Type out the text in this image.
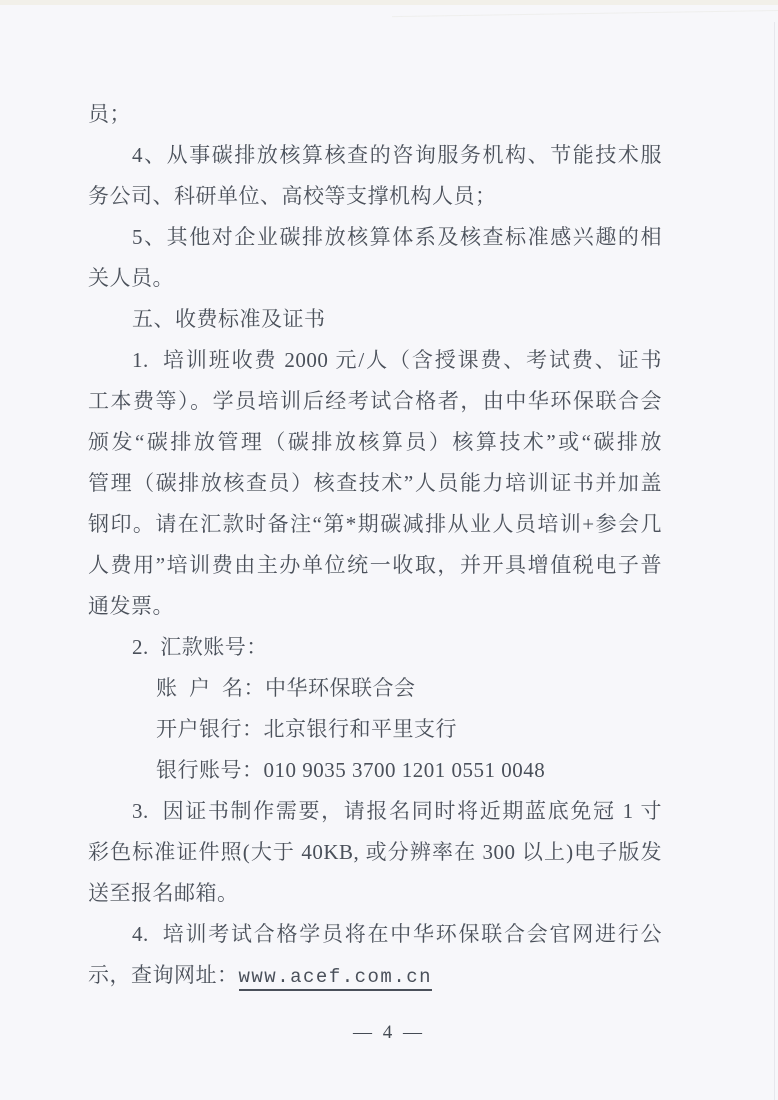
员；
4、从事碳排放核算核查的咨询服务机构、节能技术服
务公司、科研单位、高校等支撑机构人员；
5、其他对企业碳排放核算体系及核查标准感兴趣的相
关人员。
五、收费标准及证书
1.  培训班收费 2000 元/人（含授课费、考试费、证书
工本费等）。学员培训后经考试合格者，由中华环保联合会
颁发“碳排放管理（碳排放核算员）核算技术”或“碳排放
管理（碳排放核查员）核查技术”人员能力培训证书并加盖
钢印。请在汇款时备注“第*期碳减排从业人员培训+参会几
人费用”培训费由主办单位统一收取，并开具增值税电子普
通发票。
2.  汇款账号：
账  户  名：中华环保联合会
开户银行：北京银行和平里支行
银行账号：010 9035 3700 1201 0551 0048
3.  因证书制作需要，请报名同时将近期蓝底免冠 1 寸
彩色标准证件照(大于 40KB, 或分辨率在 300 以上)电子版发
送至报名邮箱。
4.  培训考试合格学员将在中华环保联合会官网进行公
示，查询网址：www.acef.com.cn
— 4 —
